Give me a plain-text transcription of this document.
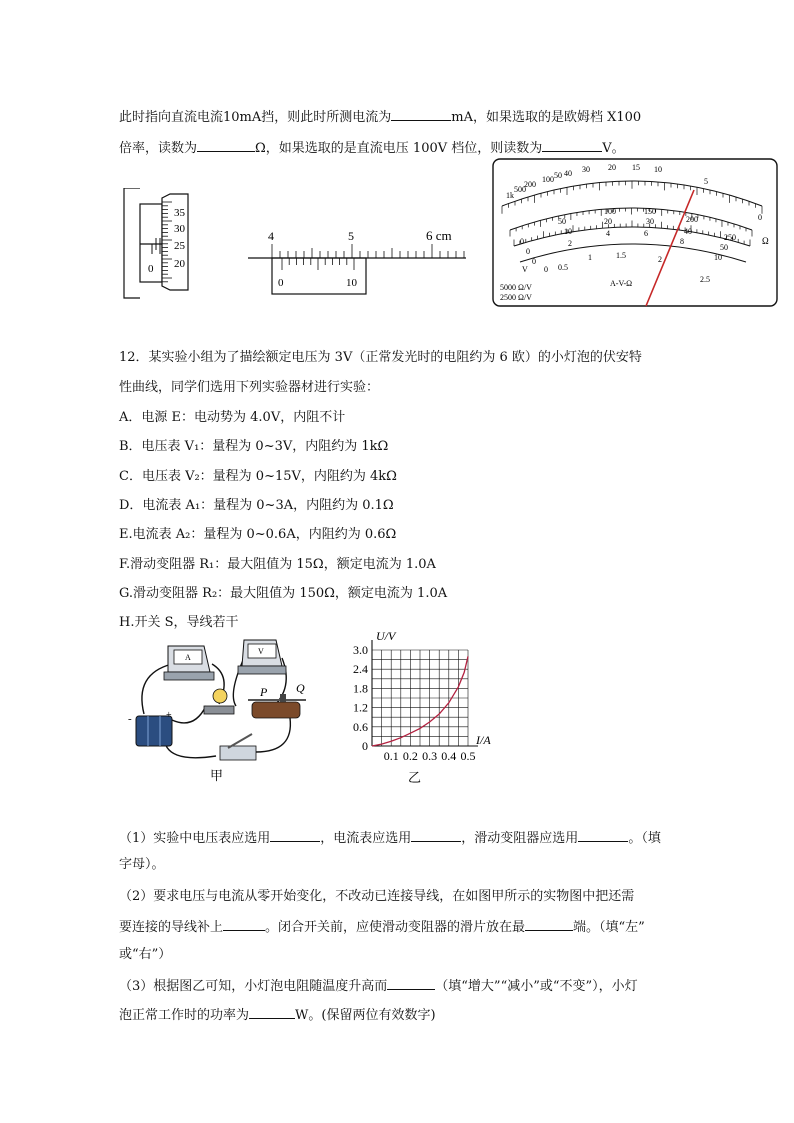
此时指向直流电流10mA挡，则此时所测电流为	mA，如果选取的是欧姆档 X100
倍率，读数为	Ω，如果选取的是直流电压 100V 档位，则读数为	V。
0
35
30
25
20
4	5	6 cm
0	10
1k
500
200
100 50 40 30 20 15 10
5
0
Ω
0
50
100	150
200
250
0
10
20	30
40
50
0
2
4	6
8
10
0 0.5
1	1.5	2
2.5
V
5000 Ω/V
2500 Ω/V
A-V-Ω
12．某实验小组为了描绘额定电压为 3V（正常发光时的电阻约为 6 欧）的小灯泡的伏安特
性曲线，同学们选用下列实验器材进行实验：
A．电源 E：电动势为 4.0V，内阻不计
B．电压表 V₁：量程为 0~3V，内阻约为 1kΩ
C．电压表 V₂：量程为 0~15V，内阻约为 4kΩ
D．电流表 A₁：量程为 0~3A，内阻约为 0.1Ω
E.电流表 A₂：量程为 0~0.6A，内阻约为 0.6Ω
F.滑动变阻器 R₁：最大阻值为 15Ω，额定电流为 1.0A
G.滑动变阻器 R₂：最大阻值为 150Ω，额定电流为 1.0A
H.开关 S，导线若干
A
V
-	+
P Q
甲
3.0
2.4
1.8
1.2
0.6
0
0.1 0.2 0.3 0.4 0.5
U/V
I/A
乙
（1）实验中电压表应选用	，电流表应选用	，滑动变阻器应选用	。（填
字母）。
（2）要求电压与电流从零开始变化，不改动已连接导线，在如图甲所示的实物图中把还需
要连接的导线补上	。闭合开关前，应使滑动变阻器的滑片放在最	端。（填“左”
或“右”）
（3）根据图乙可知，小灯泡电阻随温度升高而	（填“增大”“减小”或“不变”），小灯
泡正常工作时的功率为	W。(保留两位有效数字)
